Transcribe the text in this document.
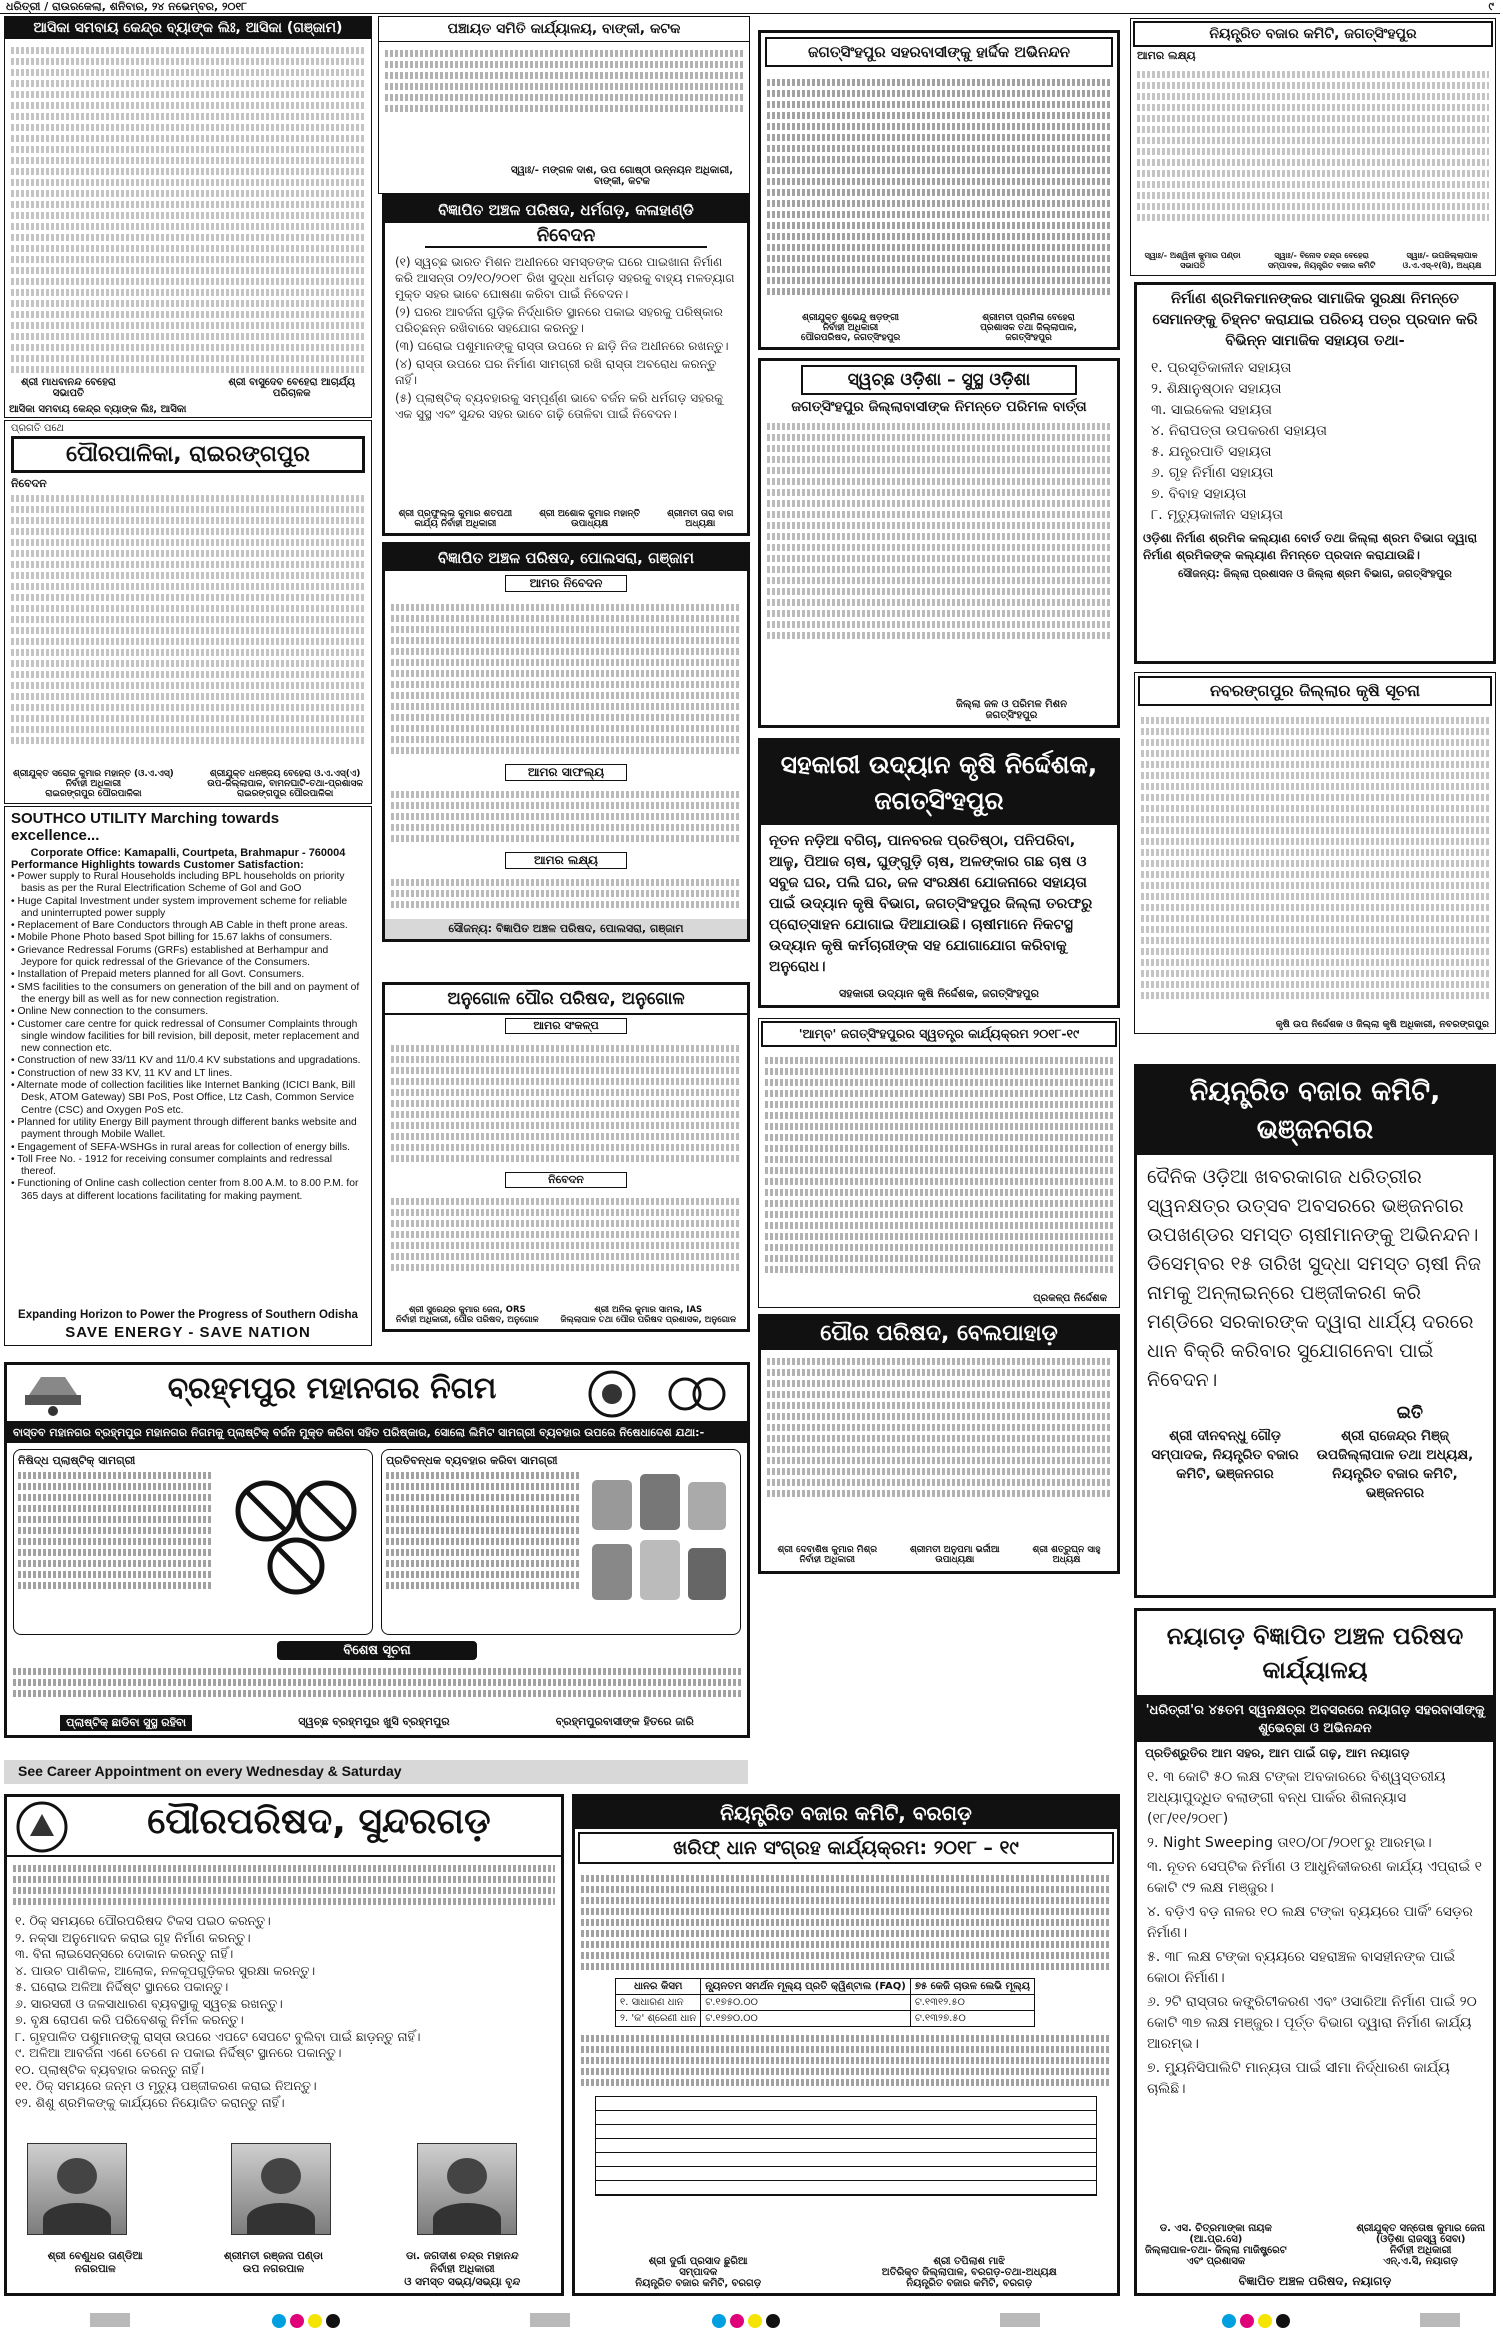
ଧରିତ୍ରୀ / ରାଉରକେଲା, ଶନିବାର, ୨୪ ନଭେମ୍ବର, ୨୦୧୮	୯
ଆସିକା ସମବାୟ କେନ୍ଦ୍ର ବ୍ୟାଙ୍କ ଲିଃ, ଆସିକା (ଗଞ୍ଜାମ)
ଶ୍ରୀ ମାଧବାନନ୍ଦ ବେହେରା
ସଭାପତି
ଶ୍ରୀ ବାସୁଦେବ ବେହେରା ଆଚାର୍ଯ୍ୟ
ପରିଚାଳକ
ଆସିକା ସମବାୟ କେନ୍ଦ୍ର ବ୍ୟାଙ୍କ ଲିଃ, ଆସିକା
ପ୍ରଗତି ପଥେ
ପୌରପାଳିକା, ରାଇରଙ୍ଗପୁର
ନିବେଦନ
ଶ୍ରୀଯୁକ୍ତ ସରୋଜ କୁମାର ମହାନ୍ତ (ଓ.ଏ.ଏସ୍)
ନିର୍ବାହୀ ଅଧିକାରୀ
ରାଇରଙ୍ଗପୁର ପୌରପାଳିକା
ଶ୍ରୀଯୁକ୍ତ ଧନଞ୍ଜୟ ବେହେରା ଓ.ଏ.ଏସ୍(ଏ)
ଉପ-ଜିଲ୍ଲାପାଳ, ବାମନଘାଟି-ତଥା-ପ୍ରଶାସକ
ରାଇରଙ୍ଗପୁର ପୌରପାଳିକା
SOUTHCO UTILITY Marching towards excellence...
Corporate Office: Kamapalli, Courtpeta, Brahmapur - 760004
Performance Highlights towards Customer Satisfaction:
• Power supply to Rural Households including BPL households on priority basis as per the Rural Electrification Scheme of GoI and GoO
• Huge Capital Investment under system improvement scheme for reliable and uninterrupted power supply
• Replacement of Bare Conductors through AB Cable in theft prone areas.
• Mobile Phone Photo based Spot billing for 15.67 lakhs of consumers.
• Grievance Redressal Forums (GRFs) established at Berhampur and Jeypore for quick redressal of the Grievance of the Consumers.
• Installation of Prepaid meters planned for all Govt. Consumers.
• SMS facilities to the consumers on generation of the bill and on payment of the energy bill as well as for new connection registration.
• Online New connection to the consumers.
• Customer care centre for quick redressal of Consumer Complaints through single window facilities for bill revision, bill deposit, meter replacement and new connection etc.
• Construction of new 33/11 KV and 11/0.4 KV substations and upgradations.
• Construction of new 33 KV, 11 KV and LT lines.
• Alternate mode of collection facilities like Internet Banking (ICICI Bank, Bill Desk, ATOM Gateway) SBI PoS, Post Office, Ltz Cash, Common Service Centre (CSC) and Oxygen PoS etc.
• Planned for utility Energy Bill payment through different banks website and payment through Mobile Wallet.
• Engagement of SEFA-WSHGs in rural areas for collection of energy bills.
• Toll Free No. - 1912 for receiving consumer complaints and redressal thereof.
• Functioning of Online cash collection center from 8.00 A.M. to 8.00 P.M. for 365 days at different locations facilitating for making payment.
Expanding Horizon to Power the Progress of Southern Odisha
SAVE ENERGY - SAVE NATION
ପଞ୍ଚାୟତ ସମିତି କାର୍ଯ୍ୟାଳୟ, ବାଙ୍କୀ, କଟକ
ସ୍ୱାଃ/- ମଙ୍ଗଳ ଦାଶ, ଉପ ଗୋଷ୍ଠୀ ଉନ୍ନୟନ ଅଧିକାରୀ,
ବାଙ୍କୀ, କଟକ
ବିଜ୍ଞାପିତ ଅଞ୍ଚଳ ପରିଷଦ, ଧର୍ମଗଡ଼, କଳାହାଣ୍ଡି
ନିବେଦନ
(୧) ସ୍ୱଚ୍ଛ ଭାରତ ମିଶନ ଅଧୀନରେ ସମସ୍ତଙ୍କ ଘରେ ପାଇଖାନା ନିର୍ମାଣ କରି ଆସନ୍ତା ୦୨/୧୦/୨୦୧୮ ରିଖ ସୁଦ୍ଧା ଧର୍ମଗଡ଼ ସହରକୁ ବାହ୍ୟ ମଳତ୍ୟାଗ ମୁକ୍ତ ସହର ଭାବେ ଘୋଷଣା କରିବା ପାଇଁ ନିବେଦନ।
(୨) ଘରର ଆବର୍ଜନା ଗୁଡ଼ିକ ନିର୍ଦ୍ଧାରିତ ସ୍ଥାନରେ ପକାଇ ସହରକୁ ପରିଷ୍କାର ପରିଚ୍ଛନ୍ନ ରଖିବାରେ ସହଯୋଗ କରନ୍ତୁ।
(୩) ଘରୋଇ ପଶୁମାନଙ୍କୁ ରାସ୍ତା ଉପରେ ନ ଛାଡ଼ି ନିଜ ଅଧୀନରେ ରଖନ୍ତୁ।
(୪) ରାସ୍ତା ଉପରେ ଘର ନିର୍ମାଣ ସାମଗ୍ରୀ ରଖି ରାସ୍ତା ଅବରୋଧ କରନ୍ତୁ ନାହିଁ।
(୫) ପ୍ଲାଷ୍ଟିକ୍ ବ୍ୟବହାରକୁ ସମ୍ପୂର୍ଣ୍ଣ ଭାବେ ବର୍ଜନ କରି ଧର୍ମଗଡ଼ ସହରକୁ ଏକ ସୁସ୍ଥ ଏବଂ ସୁନ୍ଦର ସହର ଭାବେ ଗଢ଼ି ତୋଳିବା ପାଇଁ ନିବେଦନ।
ଶ୍ରୀ ପ୍ରଫୁଲ୍ଲ କୁମାର ଶତପଥୀ
କାର୍ଯ୍ୟ ନିର୍ବାହୀ ଅଧିକାରୀ
ଶ୍ରୀ ଅଶୋକ କୁମାର ମହାନ୍ତି
ଉପାଧ୍ୟକ୍ଷ
ଶ୍ରୀମତୀ ତାରା ବାଗ
ଅଧ୍ୟକ୍ଷା
ବିଜ୍ଞାପିତ ଅଞ୍ଚଳ ପରିଷଦ, ପୋଲସରା, ଗଞ୍ଜାମ
ଆମର ନିବେଦନ
ଆମର ସାଫଲ୍ୟ
ଆମର ଲକ୍ଷ୍ୟ
ସୌଜନ୍ୟ: ବିଜ୍ଞାପିତ ଅଞ୍ଚଳ ପରିଷଦ, ପୋଲସରା, ଗଞ୍ଜାମ
ଅନୁଗୋଳ ପୌର ପରିଷଦ, ଅନୁଗୋଳ
ଆମର ସଂକଳ୍ପ
ନିବେଦନ
ଶ୍ରୀ ସୁରେନ୍ଦ୍ର କୁମାର ଜେନା, ORS
ନିର୍ବାହୀ ଅଧିକାରୀ, ପୌର ପରିଷଦ, ଅନୁଗୋଳ
ଶ୍ରୀ ଅନିଲ କୁମାର ସାମଲ, IAS
ଜିଲ୍ଲାପାଳ ତଥା ପୌର ପରିଷଦ ପ୍ରଶାସକ, ଅନୁଗୋଳ
ଜଗତ୍ସିଂହପୁର ସହରବାସୀଙ୍କୁ ହାର୍ଦ୍ଦିକ ଅଭିନନ୍ଦନ
ଶ୍ରୀଯୁକ୍ତ ଶୁଭେନ୍ଦୁ ଷଡ଼ଙ୍ଗୀ
ନିର୍ବାହୀ ଅଧିକାରୀ
ପୌରପରିଷଦ, ଜଗତ୍ସିଂହପୁର
ଶ୍ରୀମତୀ ପ୍ରମିଳା ବେହେରା
ପ୍ରଶାସକ ତଥା ଜିଲ୍ଲାପାଳ,
ଜଗତ୍ସିଂହପୁର
ସ୍ୱଚ୍ଛ ଓଡ଼ିଶା – ସୁସ୍ଥ ଓଡ଼ିଶା
ଜଗତ୍ସିଂହପୁର ଜିଲ୍ଲାବାସୀଙ୍କ ନିମନ୍ତେ ପରିମଳ ବାର୍ତ୍ତା
ଜିଲ୍ଲା ଜଳ ଓ ପରିମଳ ମିଶନ
ଜଗତ୍ସିଂହପୁର
ସହକାରୀ ଉଦ୍ୟାନ କୃଷି ନିର୍ଦ୍ଦେଶକ, ଜଗତ୍ସିଂହପୁର
ନୂତନ ନଡ଼ିଆ ବଗିଚା, ପାନବରଜ ପ୍ରତିଷ୍ଠା, ପନିପରିବା, ଆଳୁ, ପିଆଜ ଚାଷ, ଘୁଙ୍ଗୁଡ଼ି ଚାଷ, ଅଳଙ୍କାର ଗଛ ଚାଷ ଓ ସବୁଜ ଘର, ପଲି ଘର, ଜଳ ସଂରକ୍ଷଣ ଯୋଜନାରେ ସହାୟତା ପାଇଁ ଉଦ୍ୟାନ କୃଷି ବିଭାଗ, ଜଗତ୍ସିଂହପୁର ଜିଲ୍ଲା ତରଫରୁ ପ୍ରୋତ୍ସାହନ ଯୋଗାଇ ଦିଆଯାଉଛି। ଚାଷୀମାନେ ନିକଟସ୍ଥ ଉଦ୍ୟାନ କୃଷି କର୍ମଚାରୀଙ୍କ ସହ ଯୋଗାଯୋଗ କରିବାକୁ ଅନୁରୋଧ।
ସହକାରୀ ଉଦ୍ୟାନ କୃଷି ନିର୍ଦ୍ଦେଶକ, ଜଗତ୍ସିଂହପୁର
'ଆମ୍ବ' ଜଗତ୍ସିଂହପୁରର ସ୍ୱତନ୍ତ୍ର କାର୍ଯ୍ୟକ୍ରମ ୨୦୧୮-୧୯
ପ୍ରକଳ୍ପ ନିର୍ଦ୍ଦେଶକ
ପୌର ପରିଷଦ, ବେଲପାହାଡ଼
ଶ୍ରୀ ଦେବାଶିଷ କୁମାର ମିଶ୍ର
ନିର୍ବାହୀ ଅଧିକାରୀ
ଶ୍ରୀମତୀ ଅନୁପମା ଭର୍ଜୀଆ
ଉପାଧ୍ୟକ୍ଷା
ଶ୍ରୀ ଶତ୍ରୁଘ୍ନ ସାହୁ
ଅଧ୍ୟକ୍ଷ
ନିୟନ୍ତ୍ରିତ ବଜାର କମିଟି, ଜଗତ୍ସିଂହପୁର
ଆମର ଲକ୍ଷ୍ୟ
ସ୍ୱାଃ/- ଅଶ୍ୱିନୀ କୁମାର ପଣ୍ଡା
ସଭାପତି
ସ୍ୱାଃ/- ବିନୋଦ ଚନ୍ଦ୍ର ବେହେରା
ସମ୍ପାଦକ, ନିୟନ୍ତ୍ରିତ ବଜାର କମିଟି
ସ୍ୱାଃ/- ଉପଜିଲ୍ଲାପାଳ
ଓ.ଏ.ଏସ୍-୧(ସି), ଅଧ୍ୟକ୍ଷ
ନିର୍ମାଣ ଶ୍ରମିକମାନଙ୍କର ସାମାଜିକ ସୁରକ୍ଷା ନିମନ୍ତେ ସେମାନଙ୍କୁ ଚିହ୍ନଟ କରାଯାଇ ପରିଚୟ ପତ୍ର ପ୍ରଦାନ କରି ବିଭିନ୍ନ ସାମାଜିକ ସହାୟତା ତଥା-
୧. ପ୍ରସୂତିକାଳୀନ ସହାୟତା
୨. ଶିକ୍ଷାନୁଷ୍ଠାନ ସହାୟତା
୩. ସାଇକେଲ ସହାୟତା
୪. ନିରାପତ୍ତା ଉପକରଣ ସହାୟତା
୫. ଯନ୍ତ୍ରପାତି ସହାୟତା
୬. ଗୃହ ନିର୍ମାଣ ସହାୟତା
୭. ବିବାହ ସହାୟତା
୮. ମୃତ୍ୟୁକାଳୀନ ସହାୟତା
ଓଡ଼ିଶା ନିର୍ମାଣ ଶ୍ରମିକ କଲ୍ୟାଣ ବୋର୍ଡ ତଥା ଜିଲ୍ଲା ଶ୍ରମ ବିଭାଗ ଦ୍ୱାରା ନିର୍ମାଣ ଶ୍ରମିକଙ୍କ କଲ୍ୟାଣ ନିମନ୍ତେ ପ୍ରଦାନ କରାଯାଉଛି।
ସୌଜନ୍ୟ: ଜିଲ୍ଲା ପ୍ରଶାସନ ଓ ଜିଲ୍ଲା ଶ୍ରମ ବିଭାଗ, ଜଗତ୍ସିଂହପୁର
ନବରଙ୍ଗପୁର ଜିଲ୍ଲାର କୃଷି ସୂଚନା
କୃଷି ଉପ ନିର୍ଦ୍ଦେଶକ ଓ ଜିଲ୍ଲା କୃଷି ଅଧିକାରୀ, ନବରଙ୍ଗପୁର
ନିୟନ୍ତ୍ରିତ ବଜାର କମିଟି, ଭଞ୍ଜନଗର
ଦୈନିକ ଓଡ଼ିଆ ଖବରକାଗଜ ଧରିତ୍ରୀର ସ୍ୱନକ୍ଷତ୍ର ଉତ୍ସବ ଅବସରରେ ଭଞ୍ଜନଗର ଉପଖଣ୍ଡର ସମସ୍ତ ଚାଷୀମାନଙ୍କୁ ଅଭିନନ୍ଦନ। ଡିସେମ୍ବର ୧୫ ତାରିଖ ସୁଦ୍ଧା ସମସ୍ତ ଚାଷୀ ନିଜ ନାମକୁ ଅନ୍ଲାଇନ୍ରେ ପଞ୍ଜୀକରଣ କରି ମଣ୍ଡିରେ ସରକାରଙ୍କ ଦ୍ୱାରା ଧାର୍ଯ୍ୟ ଦରରେ ଧାନ ବିକ୍ରି କରିବାର ସୁଯୋଗନେବା ପାଇଁ ନିବେଦନ।
ଇତି
ଶ୍ରୀ ଦୀନବନ୍ଧୁ ଗୌଡ଼
ସମ୍ପାଦକ, ନିୟନ୍ତ୍ରିତ ବଜାର କମିଟି, ଭଞ୍ଜନଗର
ଶ୍ରୀ ରାଜେନ୍ଦ୍ର ମିଞ୍ଜ୍
ଉପଜିଲ୍ଲାପାଳ ତଥା ଅଧ୍ୟକ୍ଷ, ନିୟନ୍ତ୍ରିତ ବଜାର କମିଟି, ଭଞ୍ଜନଗର
ନୟାଗଡ଼ ବିଜ୍ଞାପିତ ଅଞ୍ଚଳ ପରିଷଦ କାର୍ଯ୍ୟାଳୟ
'ଧରିତ୍ରୀ'ର ୪୫ତମ ସ୍ୱନକ୍ଷତ୍ର ଅବସରରେ ନୟାଗଡ଼ ସହରବାସୀଙ୍କୁ ଶୁଭେଚ୍ଛା ଓ ଅଭିନନ୍ଦନ
ପ୍ରତିଶ୍ରୁତିର ଆମ ସହର, ଆମ ପାଇଁ ଗଢ଼, ଆମ ନୟାଗଡ଼
୧. ୩ କୋଟି ୫୦ ଲକ୍ଷ ଟଙ୍କା ଅବକାରରେ ବିଶ୍ୱସ୍ତରୀୟ ଅଧ୍ୟାପୁଦ୍ଧିତ ବଲାଙ୍ଗୀ ବନ୍ଧ ପାର୍କର ଶିଳାନ୍ୟାସ (୧୮/୧୧/୨୦୧୮)
୨. Night Sweeping ତା୧୦/୦୮/୨୦୧୮ରୁ ଆରମ୍ଭ।
୩. ନୂତନ ସେପ୍ଟିକ ନିର୍ମାଣ ଓ ଆଧୁନିକୀକରଣ କାର୍ଯ୍ୟ ଏପ୍ରାଇଁ ୧ କୋଟି ୯୨ ଲକ୍ଷ ମଞ୍ଜୁର।
୪. ବଡ଼ିଏ ବଡ଼ ନାଳର ୧୦ ଲକ୍ଷ ଟଙ୍କା ବ୍ୟୟରେ ପାର୍କିଂ ସେଡ଼ର ନିର୍ମାଣ।
୫. ୩୮ ଲକ୍ଷ ଟଙ୍କା ବ୍ୟୟରେ ସହରାଞ୍ଚଳ ବାସହୀନଙ୍କ ପାଇଁ କୋଠା ନିର୍ମାଣ।
୬. ୨ଟି ରାସ୍ତାର କଙ୍କ୍ରିଟୀକରଣ ଏବଂ ଓସାରିଆ ନିର୍ମାଣ ପାଇଁ ୨୦ କୋଟି ୩୭ ଲକ୍ଷ ମଞ୍ଜୁର। ପୂର୍ତ୍ତ ବିଭାଗ ଦ୍ୱାରା ନିର୍ମାଣ କାର୍ଯ୍ୟ ଆରମ୍ଭ।
୭. ମ୍ୟୁନିସିପାଲିଟି ମାନ୍ୟତା ପାଇଁ ସୀମା ନିର୍ଦ୍ଧାରଣ କାର୍ଯ୍ୟ ଚାଲିଛି।
ଡ. ଏସ. ଚିତ୍ରମାଙ୍କା ନାୟକ
(ଆ.ପ୍ର.ସେ)
ଜିଲ୍ଲାପାଳ-ତଥା- ଜିଲ୍ଲା ମାଜିଷ୍ଟ୍ରେଟ
ଏବଂ ପ୍ରଶାସକ
ଶ୍ରୀଯୁକ୍ତ ସନ୍ତୋଷ କୁମାର ଜେନା
(ଓଡ଼ିଶା ରାଜସ୍ୱ ସେବା)
ନିର୍ବାହୀ ଅଧିକାରୀ
ଏନ୍.ଏ.ସି, ନୟାଗଡ଼
ବିଜ୍ଞାପିତ ଅଞ୍ଚଳ ପରିଷଦ, ନୟାଗଡ଼
ବ୍ରହ୍ମପୁର ମହାନଗର ନିଗମ
ବାସ୍ତବ ମହାନଗର ବ୍ରହ୍ମପୁର ମହାନଗର ନିଗମକୁ ପ୍ଲାଷ୍ଟିକ୍ ବର୍ଜନ ମୁକ୍ତ କରିବା ସହିତ ପରିଷ୍କାର, ସୋଲୋ ଲିମିଟ ସାମଗ୍ରୀ ବ୍ୟବହାର ଉପରେ ନିଷେଧାଦେଶ ଯଥା:-
ନିଷିଦ୍ଧ ପ୍ଲାଷ୍ଟିକ୍ ସାମଗ୍ରୀ	ପ୍ରତିବନ୍ଧକ ବ୍ୟବହାର କରିବା ସାମଗ୍ରୀ
ବିଶେଷ ସୂଚନା
ପ୍ଲାଷ୍ଟିକ୍ ଛାଡିବା ସୁସ୍ଥ ରହିବା	ସ୍ୱଚ୍ଛ ବ୍ରହ୍ମପୁର ଖୁସି ବ୍ରହ୍ମପୁର	ବ୍ରହ୍ମପୁରବାସୀଙ୍କ ହିତରେ ଜାରି
See Career Appointment on every Wednesday & Saturday
ପୌରପରିଷଦ, ସୁନ୍ଦରଗଡ଼
୧. ଠିକ୍ ସମୟରେ ପୌରପରିଷଦ ଟିକସ ପଇଠ କରନ୍ତୁ।
୨. ନକ୍ସା ଅନୁମୋଦନ କରାଇ ଗୃହ ନିର୍ମାଣ କରନ୍ତୁ।
୩. ବିନା ଲାଇସେନ୍ସରେ ଦୋକାନ କରନ୍ତୁ ନାହିଁ।
୪. ପାଉଚ ପାଣିକଳ, ଆଲୋକ, ନଳକୂପଗୁଡ଼ିକର ସୁରକ୍ଷା କରନ୍ତୁ।
୫. ଘରୋଇ ଅଳିଆ ନିର୍ଦ୍ଦିଷ୍ଟ ସ୍ଥାନରେ ପକାନ୍ତୁ।
୬. ସାରସରୀ ଓ ଜଳସାଧାରଣ ବ୍ୟବସ୍ଥାକୁ ସ୍ୱଚ୍ଛ ରଖନ୍ତୁ।
୭. ବୃକ୍ଷ ରୋପଣ କରି ପରିବେଶକୁ ନିର୍ମଳ କରନ୍ତୁ।
୮. ଗୃହପାଳିତ ପଶୁମାନଙ୍କୁ ରାସ୍ତା ଉପରେ ଏପଟେ ସେପଟେ ବୁଲିବା ପାଇଁ ଛାଡ଼ନ୍ତୁ ନାହିଁ।
୯. ଅଳିଆ ଆବର୍ଜନା ଏଣେ ତେଣେ ନ ପକାଇ ନିର୍ଦ୍ଦିଷ୍ଟ ସ୍ଥାନରେ ପକାନ୍ତୁ।
୧୦. ପ୍ଲାଷ୍ଟିକ ବ୍ୟବହାର କରନ୍ତୁ ନାହିଁ।
୧୧. ଠିକ୍ ସମୟରେ ଜନ୍ମ ଓ ମୃତ୍ୟୁ ପଞ୍ଜୀକରଣ କରାଇ ନିଅନ୍ତୁ।
୧୨. ଶିଶୁ ଶ୍ରମିକଙ୍କୁ କାର୍ଯ୍ୟରେ ନିୟୋଜିତ କରାନ୍ତୁ ନାହିଁ।
ଶ୍ରୀ ବେଣୁଧର ତାଣ୍ଡିଆ
ନଗରପାଳ
ଶ୍ରୀମତୀ ରଞ୍ଜନା ପଣ୍ଡା
ଉପ ନଗରପାଳ
ଡା. ଜଗଦୀଶ ଚନ୍ଦ୍ର ମହାନନ୍ଦ
ନିର୍ବାହୀ ଅଧିକାରୀ
ଓ ସମସ୍ତ ସଭ୍ୟ/ସଭ୍ୟା ବୃନ୍ଦ
ନିୟନ୍ତ୍ରିତ ବଜାର କମିଟି, ବରଗଡ଼
ଖରିଫ୍ ଧାନ ସଂଗ୍ରହ କାର୍ଯ୍ୟକ୍ରମ: ୨୦୧୮ – ୧୯
ଧାନର କିସମ	ନ୍ୟୂନତମ ସମର୍ଥନ ମୂଲ୍ୟ ପ୍ରତି କ୍ୱିଣ୍ଟାଲ (FAQ)	୭୫ କେଜି ଚାଉଳ ଲେଭି ମୂଲ୍ୟ
୧. ସାଧାରଣ ଧାନ	ଟ.୧୭୫୦.୦୦	ଟ.୧୩୧୨.୫୦
୨. 'କ' ଶ୍ରେଣୀ ଧାନ	ଟ.୧୭୭୦.୦୦	ଟ.୧୩୨୭.୫୦
ଶ୍ରୀ ଦୁର୍ଗା ପ୍ରସାଦ ଛୁରିଆ
ସମ୍ପାଦକ
ନିୟନ୍ତ୍ରିତ ବଜାର କମିଟି, ବରଗଡ଼
ଶ୍ରୀ ତପିଲାଶ ମାଝି
ଅତିରିକ୍ତ ଜିଲ୍ଲାପାଳ, ବରଗଡ଼-ତଥା-ଅଧ୍ୟକ୍ଷ
ନିୟନ୍ତ୍ରିତ ବଜାର କମିଟି, ବରଗଡ଼
